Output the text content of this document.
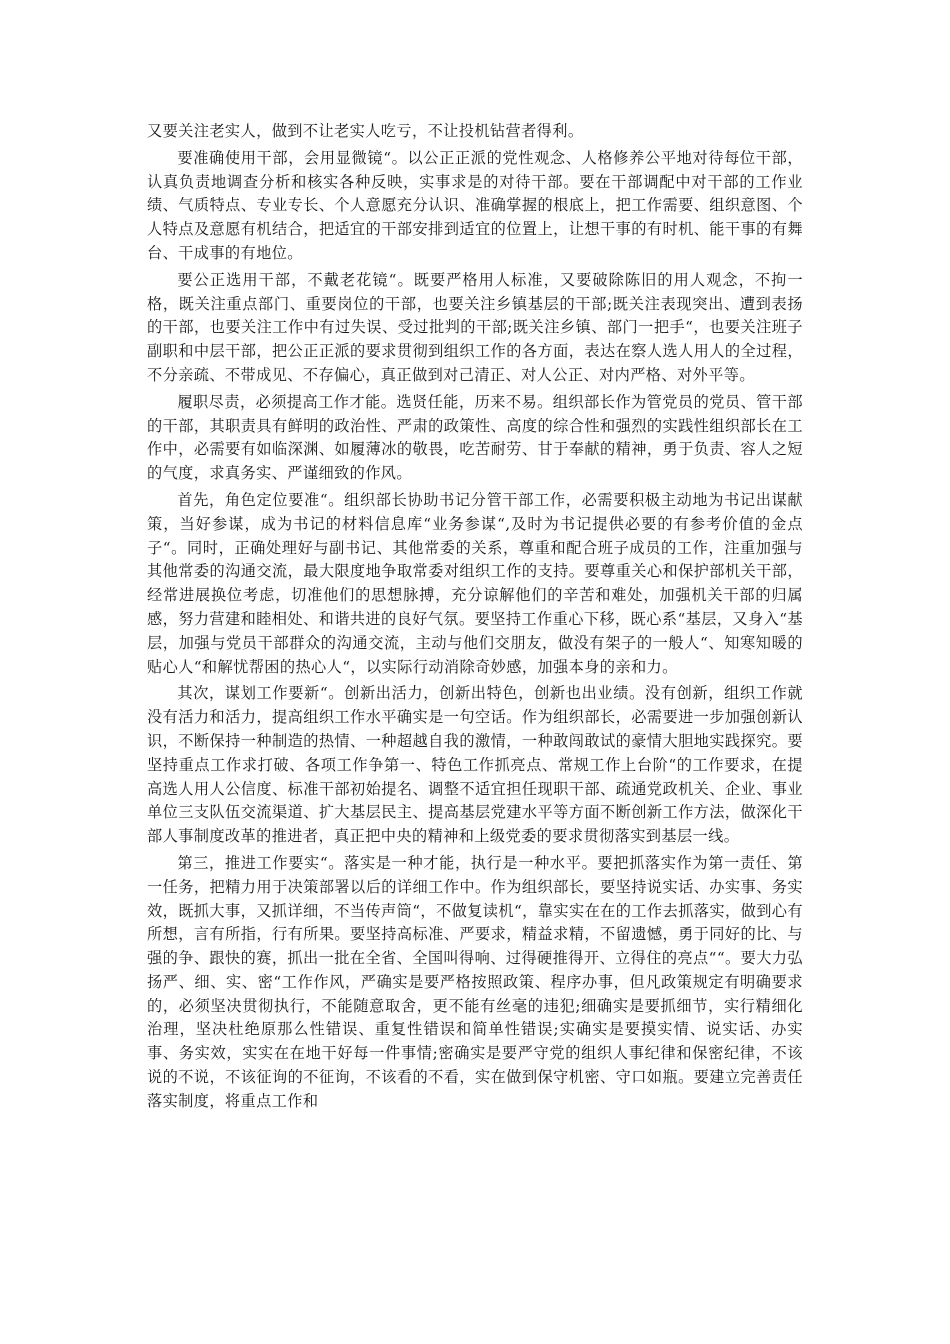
又要关注老实人，做到不让老实人吃亏，不让投机钻营者得利。

要准确使用干部，会用显微镜“。以公正正派的党性观念、人格修养公平地对待每位干部，认真负责地调查分析和核实各种反映，实事求是的对待干部。要在干部调配中对干部的工作业绩、气质特点、专业专长、个人意愿充分认识、准确掌握的根底上，把工作需要、组织意图、个人特点及意愿有机结合，把适宜的干部安排到适宜的位置上，让想干事的有时机、能干事的有舞台、干成事的有地位。

要公正选用干部，不戴老花镜“。既要严格用人标准，又要破除陈旧的用人观念，不拘一格，既关注重点部门、重要岗位的干部，也要关注乡镇基层的干部;既关注表现突出、遭到表扬的干部，也要关注工作中有过失误、受过批判的干部;既关注乡镇、部门一把手“，也要关注班子副职和中层干部，把公正正派的要求贯彻到组织工作的各方面，表达在察人选人用人的全过程，不分亲疏、不带成见、不存偏心，真正做到对己清正、对人公正、对内严格、对外平等。

履职尽责，必须提高工作才能。选贤任能，历来不易。组织部长作为管党员的党员、管干部的干部，其职责具有鲜明的政治性、严肃的政策性、高度的综合性和强烈的实践性组织部长在工作中，必需要有如临深渊、如履薄冰的敬畏，吃苦耐劳、甘于奉献的精神，勇于负责、容人之短的气度，求真务实、严谨细致的作风。

首先，角色定位要准“。组织部长协助书记分管干部工作，必需要积极主动地为书记出谋献策，当好参谋，成为书记的材料信息库“业务参谋“,及时为书记提供必要的有参考价值的金点子“。同时，正确处理好与副书记、其他常委的关系，尊重和配合班子成员的工作，注重加强与其他常委的沟通交流，最大限度地争取常委对组织工作的支持。要尊重关心和保护部机关干部，经常进展换位考虑，切准他们的思想脉搏，充分谅解他们的辛苦和难处，加强机关干部的归属感，努力营建和睦相处、和谐共进的良好气氛。要坚持工作重心下移，既心系“基层，又身入“基层，加强与党员干部群众的沟通交流，主动与他们交朋友，做没有架子的一般人“、知寒知暖的贴心人“和解忧帮困的热心人“，以实际行动消除奇妙感，加强本身的亲和力。

其次，谋划工作要新“。创新出活力，创新出特色，创新也出业绩。没有创新，组织工作就没有活力和活力，提高组织工作水平确实是一句空话。作为组织部长，必需要进一步加强创新认识，不断保持一种制造的热情、一种超越自我的激情，一种敢闯敢试的豪情大胆地实践探究。要坚持重点工作求打破、各项工作争第一、特色工作抓亮点、常规工作上台阶“的工作要求，在提高选人用人公信度、标准干部初始提名、调整不适宜担任现职干部、疏通党政机关、企业、事业单位三支队伍交流渠道、扩大基层民主、提高基层党建水平等方面不断创新工作方法，做深化干部人事制度改革的推进者，真正把中央的精神和上级党委的要求贯彻落实到基层一线。

第三，推进工作要实“。落实是一种才能，执行是一种水平。要把抓落实作为第一责任、第一任务，把精力用于决策部署以后的详细工作中。作为组织部长，要坚持说实话、办实事、务实效，既抓大事，又抓详细，不当传声筒“，不做复读机“，靠实实在在的工作去抓落实，做到心有所想，言有所指，行有所果。要坚持高标准、严要求，精益求精，不留遗憾，勇于同好的比、与强的争、跟快的赛，抓出一批在全省、全国叫得响、过得硬推得开、立得住的亮点““。要大力弘扬严、细、实、密“工作作风，严确实是要严格按照政策、程序办事，但凡政策规定有明确要求的，必须坚决贯彻执行，不能随意取舍，更不能有丝毫的违犯;细确实是要抓细节，实行精细化治理，坚决杜绝原那么性错误、重复性错误和简单性错误;实确实是要摸实情、说实话、办实事、务实效，实实在在地干好每一件事情;密确实是要严守党的组织人事纪律和保密纪律，不该说的不说，不该征询的不征询，不该看的不看，实在做到保守机密、守口如瓶。要建立完善责任落实制度，将重点工作和
